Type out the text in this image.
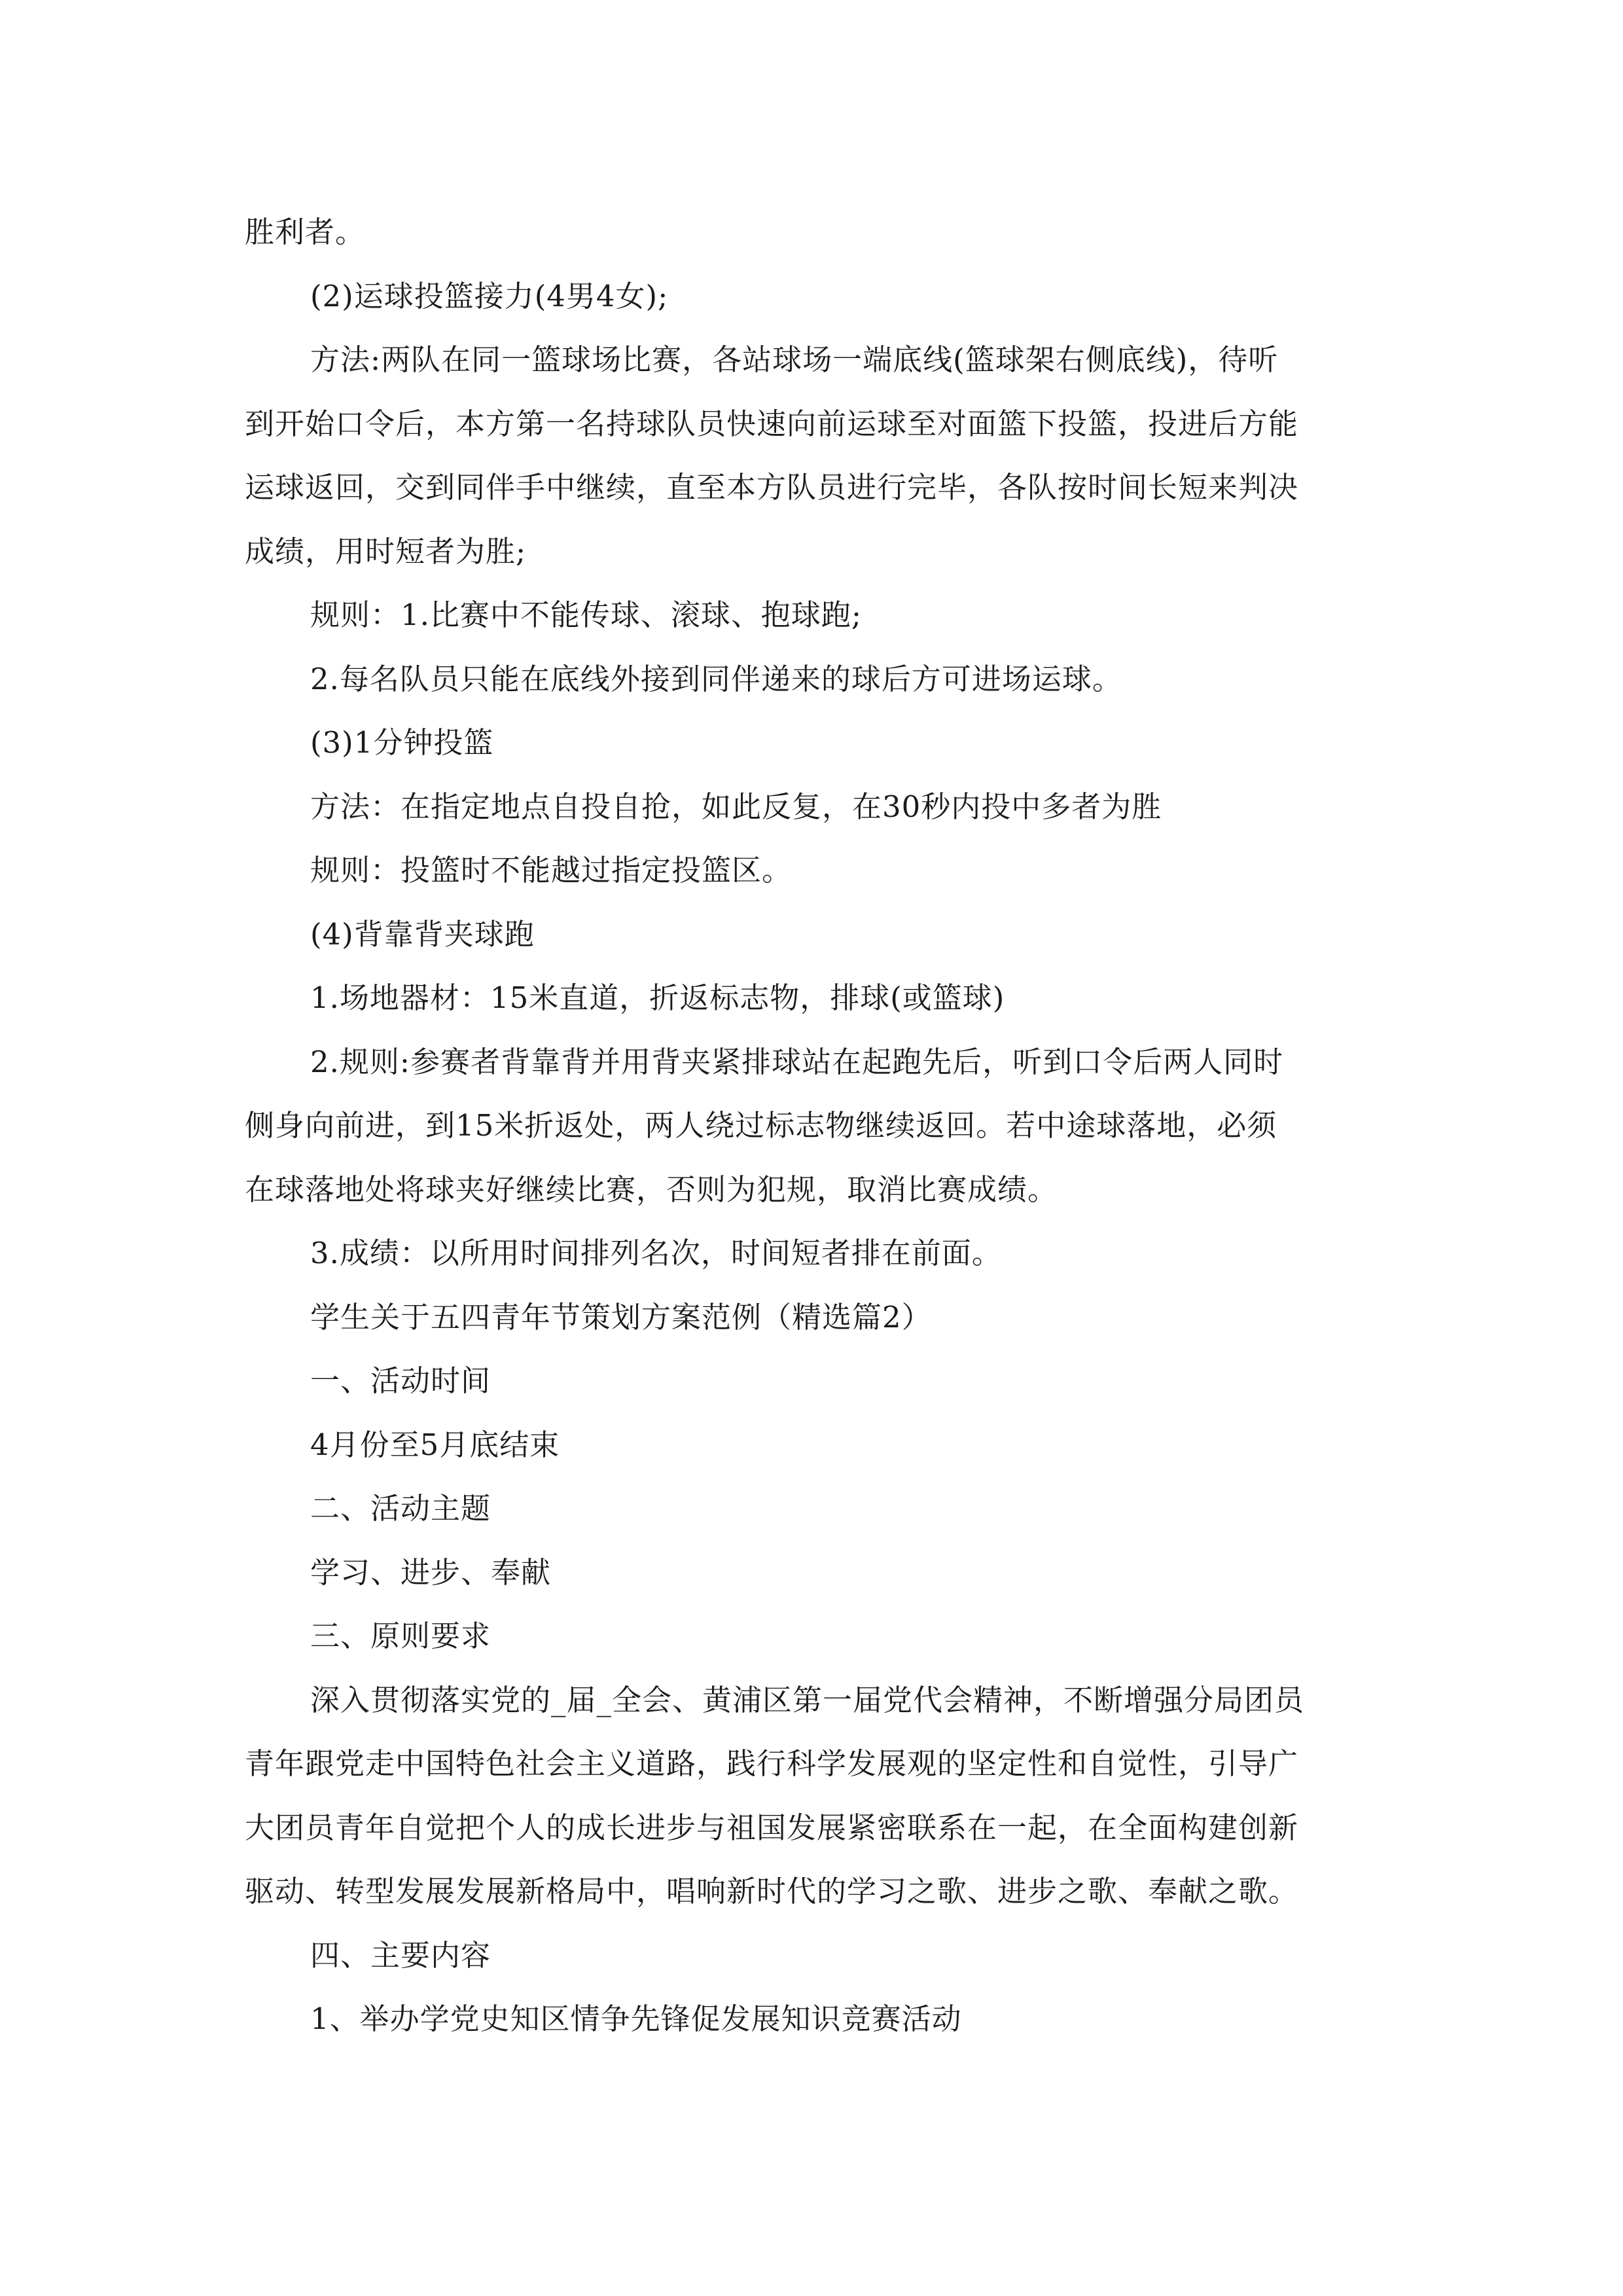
胜利者。
(2)运球投篮接力(4男4女);
方法:两队在同一篮球场比赛，各站球场一端底线(篮球架右侧底线)，待听
到开始口令后，本方第一名持球队员快速向前运球至对面篮下投篮，投进后方能
运球返回，交到同伴手中继续，直至本方队员进行完毕，各队按时间长短来判决
成绩，用时短者为胜;
规则：1.比赛中不能传球、滚球、抱球跑;
2.每名队员只能在底线外接到同伴递来的球后方可进场运球。
(3)1分钟投篮
方法：在指定地点自投自抢，如此反复，在30秒内投中多者为胜
规则：投篮时不能越过指定投篮区。
(4)背靠背夹球跑
1.场地器材：15米直道，折返标志物，排球(或篮球)
2.规则:参赛者背靠背并用背夹紧排球站在起跑先后，听到口令后两人同时
侧身向前进，到15米折返处，两人绕过标志物继续返回。若中途球落地，必须
在球落地处将球夹好继续比赛，否则为犯规，取消比赛成绩。
3.成绩：以所用时间排列名次，时间短者排在前面。
学生关于五四青年节策划方案范例（精选篇2）
一、活动时间
4月份至5月底结束
二、活动主题
学习、进步、奉献
三、原则要求
深入贯彻落实党的_届_全会、黄浦区第一届党代会精神，不断增强分局团员
青年跟党走中国特色社会主义道路，践行科学发展观的坚定性和自觉性，引导广
大团员青年自觉把个人的成长进步与祖国发展紧密联系在一起，在全面构建创新
驱动、转型发展发展新格局中，唱响新时代的学习之歌、进步之歌、奉献之歌。
四、主要内容
1、举办学党史知区情争先锋促发展知识竞赛活动
